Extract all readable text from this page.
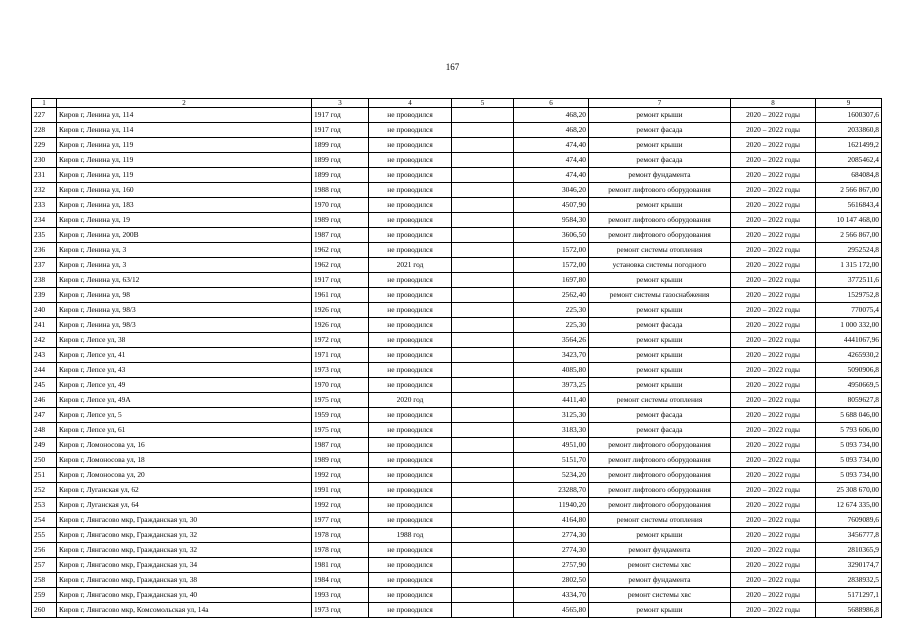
167
1	2	3	4	5	6	7	8	9
227	Киров г, Ленина ул, 114	1917 год	не проводился		468,20	ремонт крыши	2020 – 2022 годы	1600307,6
228	Киров г, Ленина ул, 114	1917 год	не проводился		468,20	ремонт фасада	2020 – 2022 годы	2033860,8
229	Киров г, Ленина ул, 119	1899 год	не проводился		474,40	ремонт крыши	2020 – 2022 годы	1621499,2
230	Киров г, Ленина ул, 119	1899 год	не проводился		474,40	ремонт фасада	2020 – 2022 годы	2085462,4
231	Киров г, Ленина ул, 119	1899 год	не проводился		474,40	ремонт фундамента	2020 – 2022 годы	684084,8
232	Киров г, Ленина ул, 160	1988 год	не проводился		3046,20	ремонт лифтового оборудования	2020 – 2022 годы	2 566 867,00
233	Киров г, Ленина ул, 183	1970 год	не проводился		4507,90	ремонт крыши	2020 – 2022 годы	5616843,4
234	Киров г, Ленина ул, 19	1989 год	не проводился		9584,30	ремонт лифтового оборудования	2020 – 2022 годы	10 147 468,00
235	Киров г, Ленина ул, 200В	1987 год	не проводился		3606,50	ремонт лифтового оборудования	2020 – 2022 годы	2 566 867,00
236	Киров г, Ленина ул, 3	1962 год	не проводился		1572,00	ремонт системы отопления	2020 – 2022 годы	2952524,8
237	Киров г, Ленина ул, 3	1962 год	2021 год		1572,00	установка системы погодного	2020 – 2022 годы	1 315 172,00
238	Киров г, Ленина ул, 63/12	1917 год	не проводился		1697,80	ремонт крыши	2020 – 2022 годы	3772511,6
239	Киров г, Ленина ул, 98	1961 год	не проводился		2562,40	ремонт системы газоснабжения	2020 – 2022 годы	1529752,8
240	Киров г, Ленина ул, 98/3	1926 год	не проводился		225,30	ремонт крыши	2020 – 2022 годы	770075,4
241	Киров г, Ленина ул, 98/3	1926 год	не проводился		225,30	ремонт фасада	2020 – 2022 годы	1 000 332,00
242	Киров г, Лепсе ул, 38	1972 год	не проводился		3564,26	ремонт крыши	2020 – 2022 годы	4441067,96
243	Киров г, Лепсе ул, 41	1971 год	не проводился		3423,70	ремонт крыши	2020 – 2022 годы	4265930,2
244	Киров г, Лепсе ул, 43	1973 год	не проводился		4085,80	ремонт крыши	2020 – 2022 годы	5090906,8
245	Киров г, Лепсе ул, 49	1970 год	не проводился		3973,25	ремонт крыши	2020 – 2022 годы	4950669,5
246	Киров г, Лепсе ул, 49А	1975 год	2020 год		4411,40	ремонт системы отопления	2020 – 2022 годы	8059627,8
247	Киров г, Лепсе ул, 5	1959 год	не проводился		3125,30	ремонт фасада	2020 – 2022 годы	5 688 046,00
248	Киров г, Лепсе ул, 61	1975 год	не проводился		3183,30	ремонт фасада	2020 – 2022 годы	5 793 606,00
249	Киров г, Ломоносова ул, 16	1987 год	не проводился		4951,00	ремонт лифтового оборудования	2020 – 2022 годы	5 093 734,00
250	Киров г, Ломоносова ул, 18	1989 год	не проводился		5151,70	ремонт лифтового оборудования	2020 – 2022 годы	5 093 734,00
251	Киров г, Ломоносова ул, 20	1992 год	не проводился		5234,20	ремонт лифтового оборудования	2020 – 2022 годы	5 093 734,00
252	Киров г, Луганская ул, 62	1991 год	не проводился		23288,70	ремонт лифтового оборудования	2020 – 2022 годы	25 308 670,00
253	Киров г, Луганская ул, 64	1992 год	не проводился		11940,20	ремонт лифтового оборудования	2020 – 2022 годы	12 674 335,00
254	Киров г, Лянгасово мкр, Гражданская ул, 30	1977 год	не проводился		4164,80	ремонт системы отопления	2020 – 2022 годы	7609089,6
255	Киров г, Лянгасово мкр, Гражданская ул, 32	1978 год	1988 год		2774,30	ремонт крыши	2020 – 2022 годы	3456777,8
256	Киров г, Лянгасово мкр, Гражданская ул, 32	1978 год	не проводился		2774,30	ремонт фундамента	2020 – 2022 годы	2810365,9
257	Киров г, Лянгасово мкр, Гражданская ул, 34	1981 год	не проводился		2757,90	ремонт системы хвс	2020 – 2022 годы	3290174,7
258	Киров г, Лянгасово мкр, Гражданская ул, 38	1984 год	не проводился		2802,50	ремонт фундамента	2020 – 2022 годы	2838932,5
259	Киров г, Лянгасово мкр, Гражданская ул, 40	1993 год	не проводился		4334,70	ремонт системы хвс	2020 – 2022 годы	5171297,1
260	Киров г, Лянгасово мкр, Комсомольская ул, 14а	1973 год	не проводился		4565,80	ремонт крыши	2020 – 2022 годы	5688986,8
